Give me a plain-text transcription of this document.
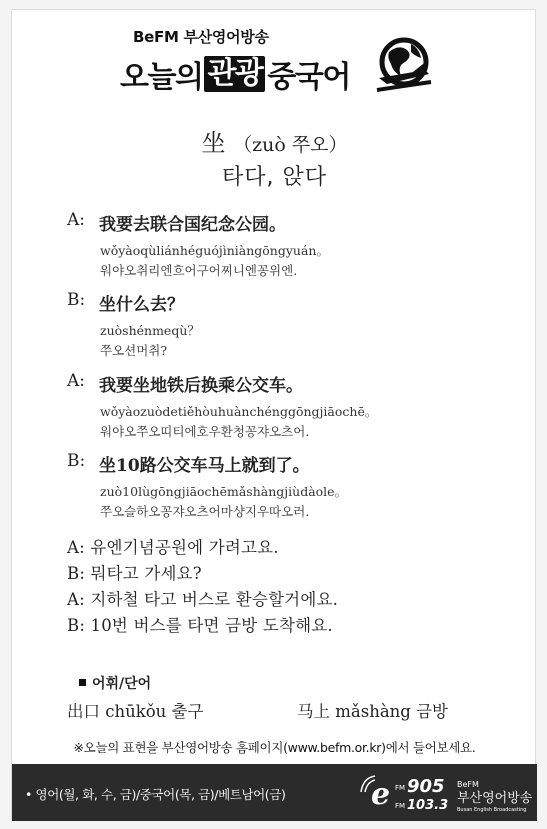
BeFM 부산영어방송
오늘의 관광 중국어
坐 （zuò 쭈오）
타다, 앉다
A: 我要去联合国纪念公园。
wǒyàoqùliánhéguójìniàngōngyuán。
워야오취리엔흐어구어찌니엔꽁위엔.
B: 坐什么去？
zuòshénmeqù？
쭈오션머취?
A: 我要坐地铁后换乘公交车。
wǒyàozuòdetiěhòuhuànchénggōngjiāochē。
워야오쭈오띠티에호우환청꽁쟈오츠어.
B: 坐10路公交车马上就到了。
zuò10lùgōngjiāochēmǎshàngjiùdàole。
쭈오슬하오꽁쟈오츠어마샹지우따오러.
A: 유엔기념공원에 가려고요.
B: 뭐타고 가세요?
A: 지하철 타고 버스로 환승할거에요.
B: 10번 버스를 타면 금방 도착해요.
어휘/단어
出口 chūkǒu 출구	马上 mǎshàng 금방
※오늘의 표현을 부산영어방송 홈페이지(www.befm.or.kr)에서 들어보세요.
• 영어(월, 화, 수, 금)/중국어(목, 금)/베트남어(금)	e FM 905
FM 103.3
BeFM
부산영어방송
Busan English Broadcasting
